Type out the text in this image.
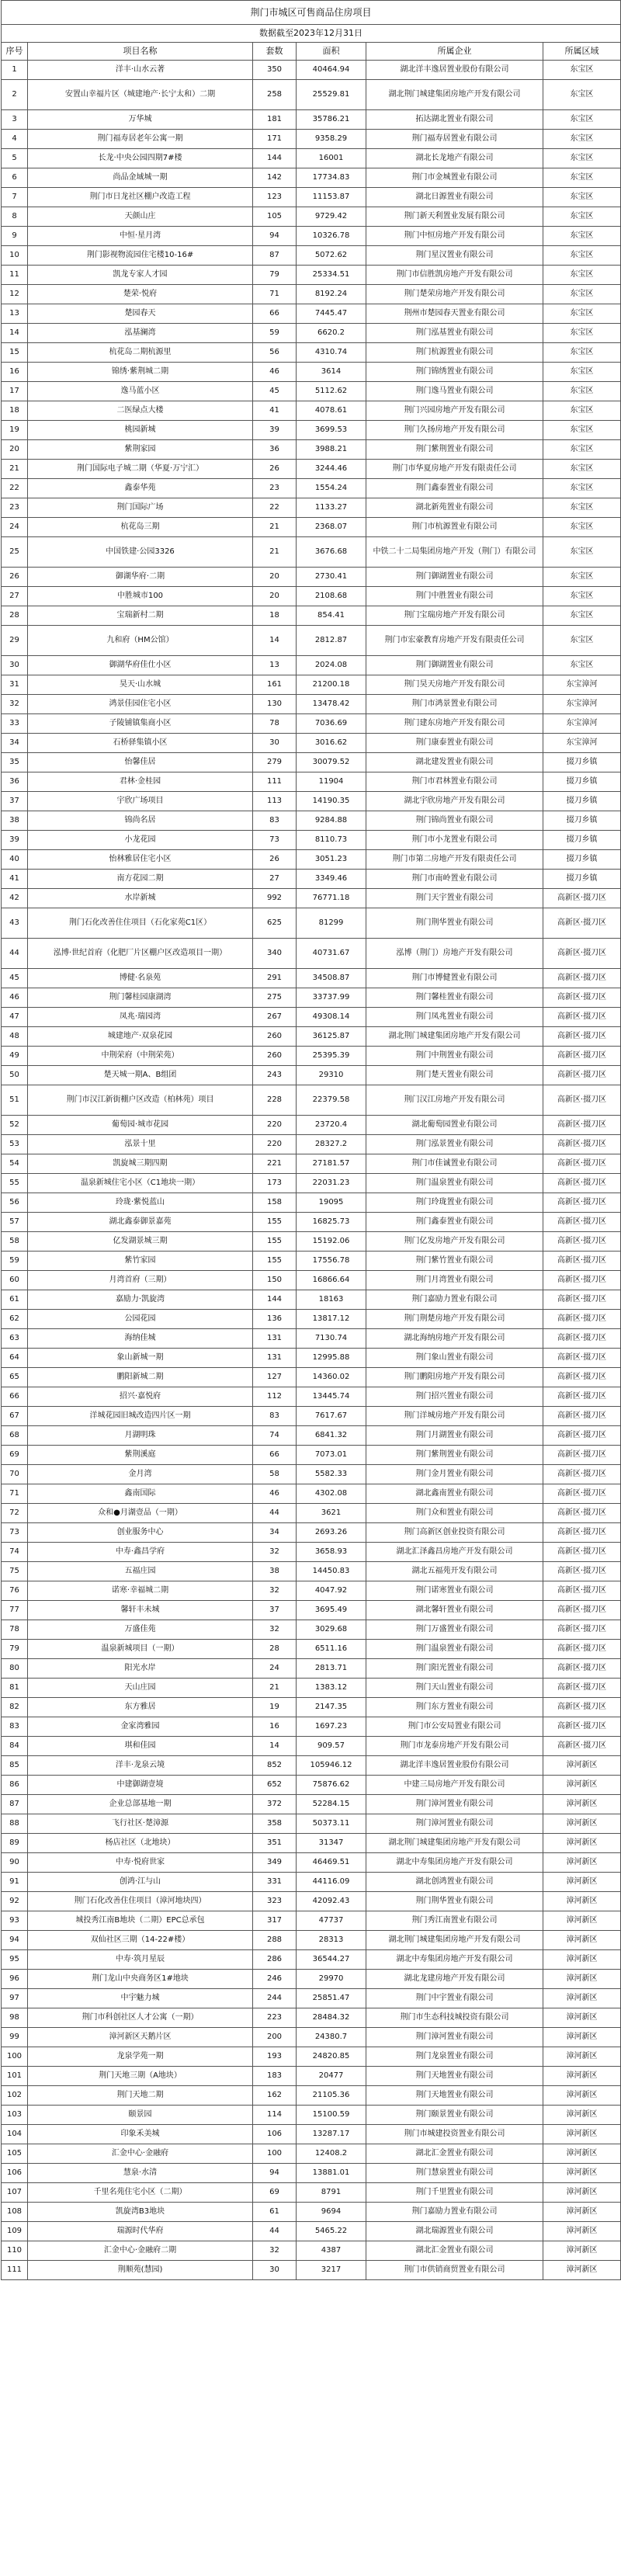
荆门市城区可售商品住房项目					
数据截至2023年12月31日					
序号	项目名称	套数	面积	所属企业	所属区域
1	洋丰·山水云著	350	40464.94	湖北洋丰逸居置业股份有限公司	东宝区
2	安置山幸福片区（城建地产·长宁太和）二期	258	25529.81	湖北荆门城建集团房地产开发有限公司	东宝区
3	万华城	181	35786.21	拓达湖北置业有限公司	东宝区
4	荆门福寿居老年公寓一期	171	9358.29	荆门福寿居置业有限公司	东宝区
5	长龙·中央公园四期7#楼	144	16001	湖北长龙地产有限公司	东宝区
6	尚品金域城一期	142	17734.83	荆门市金城置业有限公司	东宝区
7	荆门市日龙社区棚户改造工程	123	11153.87	湖北日源置业有限公司	东宝区
8	天颜山庄	105	9729.42	荆门新天利置业发展有限公司	东宝区
9	中恒·星月湾	94	10326.78	荆门中恒房地产开发有限公司	东宝区
10	荆门影视物流园住宅楼10-16#	87	5072.62	荆门星汉置业有限公司	东宝区
11	凯龙专家人才园	79	25334.51	荆门市信胜凯房地产开发有限公司	东宝区
12	楚荣·悦府	71	8192.24	荆门楚荣房地产开发有限公司	东宝区
13	楚园春天	66	7445.47	荆州市楚园春天置业有限公司	东宝区
14	泓基澜湾	59	6620.2	荆门泓基置业有限公司	东宝区
15	杭花岛二期杭源里	56	4310.74	荆门杭源置业有限公司	东宝区
16	锦绣·紫荆城二期	46	3614	荆门锦绣置业有限公司	东宝区
17	逸马蓝小区	45	5112.62	荆门逸马置业有限公司	东宝区
18	二医绿点大楼	41	4078.61	荆门兴园房地产开发有限公司	东宝区
19	桃园新城	39	3699.53	荆门久扬房地产开发有限公司	东宝区
20	紫荆家园	36	3988.21	荆门紫荆置业有限公司	东宝区
21	荆门国际电子城二期（华夏·万宁汇）	26	3244.46	荆门市华夏房地产开发有限责任公司	东宝区
22	鑫泰华苑	23	1554.24	荆门鑫泰置业有限公司	东宝区
23	荆门国际广场	22	1133.27	湖北新苑置业有限公司	东宝区
24	杭花岛三期	21	2368.07	荆门市杭源置业有限公司	东宝区
25	中国铁建·公园3326	21	3676.68	中铁二十二局集团房地产开发（荆门）有限公司	东宝区
26	御湖华府·二期	20	2730.41	荆门御湖置业有限公司	东宝区
27	中胜城市100	20	2108.68	荆门中胜置业有限公司	东宝区
28	宝瑞新村二期	18	854.41	荆门宝瑞房地产开发有限公司	东宝区
29	九和府（HM公馆）	14	2812.87	荆门市宏豪教育房地产开发有限责任公司	东宝区
30	御湖华府佳仕小区	13	2024.08	荆门御湖置业有限公司	东宝区
31	昊天·山水城	161	21200.18	荆门昊天房地产开发有限公司	东宝漳河
32	鸿景佳园住宅小区	130	13478.42	荆门市鸿景置业有限公司	东宝漳河
33	子陵铺镇集商小区	78	7036.69	荆门建东房地产开发有限公司	东宝漳河
34	石桥驿集镇小区	30	3016.62	荆门康泰置业有限公司	东宝漳河
35	怡馨佳居	279	30079.52	湖北建发置业有限公司	掇刀乡镇
36	君林·金桂园	111	11904	荆门市君林置业有限公司	掇刀乡镇
37	宇欣广场项目	113	14190.35	湖北宇欣房地产开发有限公司	掇刀乡镇
38	锦尚名居	83	9284.88	荆门锦尚置业有限公司	掇刀乡镇
39	小龙花园	73	8110.73	荆门市小龙置业有限公司	掇刀乡镇
40	怡林雅居住宅小区	26	3051.23	荆门市第二房地产开发有限责任公司	掇刀乡镇
41	南方花园二期	27	3349.46	荆门市南岭置业有限公司	掇刀乡镇
42	水岸新城	992	76771.18	荆门天宇置业有限公司	高新区·掇刀区
43	荆门石化改善住住项目（石化家苑C1区）	625	81299	荆门荆华置业有限公司	高新区·掇刀区
44	泓博·世纪首府（化肥厂片区棚户区改造项目一期）	340	40731.67	泓博（荆门）房地产开发有限公司	高新区·掇刀区
45	博健·名泉苑	291	34508.87	荆门市博健置业有限公司	高新区·掇刀区
46	荆门馨桂园康湖湾	275	33737.99	荆门馨桂置业有限公司	高新区·掇刀区
47	凤兆·瑞园湾	267	49308.14	荆门凤兆置业有限公司	高新区·掇刀区
48	城建地产·双泉花园	260	36125.87	湖北荆门城建集团房地产开发有限公司	高新区·掇刀区
49	中荆荣府（中荆荣苑）	260	25395.39	荆门中荆置业有限公司	高新区·掇刀区
50	楚天城一期A、B组团	243	29310	荆门楚天置业有限公司	高新区·掇刀区
51	荆门市汉江新街棚户区改造（柏林苑）项目	228	22379.58	荆门汉江房地产开发有限公司	高新区·掇刀区
52	葡萄园·城市花园	220	23720.4	湖北葡萄园置业有限公司	高新区·掇刀区
53	泓景十里	220	28327.2	荆门泓景置业有限公司	高新区·掇刀区
54	凯旋城三期四期	221	27181.57	荆门市佳诚置业有限公司	高新区·掇刀区
55	温泉新城住宅小区（C1地块一期）	173	22031.23	荆门温泉置业有限公司	高新区·掇刀区
56	玲珑·紫悦蓝山	158	19095	荆门玲珑置业有限公司	高新区·掇刀区
57	湖北鑫泰御景嘉苑	155	16825.73	荆门鑫泰置业有限公司	高新区·掇刀区
58	亿发湖景城三期	155	15192.06	荆门亿发房地产开发有限公司	高新区·掇刀区
59	紫竹家园	155	17556.78	荆门紫竹置业有限公司	高新区·掇刀区
60	月湾首府（三期）	150	16866.64	荆门月湾置业有限公司	高新区·掇刀区
61	嘉励力·凯旋湾	144	18163	荆门嘉励力置业有限公司	高新区·掇刀区
62	公园花园	136	13817.12	荆门荆楚房地产开发有限公司	高新区·掇刀区
63	海纳佳城	131	7130.74	湖北海纳房地产开发有限公司	高新区·掇刀区
64	象山新城一期	131	12995.88	荆门象山置业有限公司	高新区·掇刀区
65	鹏阳新城二期	127	14360.02	荆门鹏阳房地产开发有限公司	高新区·掇刀区
66	招兴·嘉悦府	112	13445.74	荆门招兴置业有限公司	高新区·掇刀区
67	洋城花园旧城改造四片区一期	83	7617.67	荆门洋城房地产开发有限公司	高新区·掇刀区
68	月湖明珠	74	6841.32	荆门月湖置业有限公司	高新区·掇刀区
69	紫荆溪庭	66	7073.01	荆门紫荆置业有限公司	高新区·掇刀区
70	金月湾	58	5582.33	荆门金月置业有限公司	高新区·掇刀区
71	鑫南国际	46	4302.08	湖北鑫南置业有限公司	高新区·掇刀区
72	众和●月湖壹品（一期）	44	3621	荆门众和置业有限公司	高新区·掇刀区
73	创业服务中心	34	2693.26	荆门高新区创业投资有限公司	高新区·掇刀区
74	中寿·鑫昌学府	32	3658.93	湖北汇泽鑫昌房地产开发有限公司	高新区·掇刀区
75	五福庄园	38	14450.83	湖北五福苑开发有限公司	高新区·掇刀区
76	诺寒·幸福城二期	32	4047.92	荆门诺寒置业有限公司	高新区·掇刀区
77	馨轩丰未城	37	3695.49	湖北馨轩置业有限公司	高新区·掇刀区
78	万盛佳苑	32	3029.68	荆门万盛置业有限公司	高新区·掇刀区
79	温泉新城项目（一期）	28	6511.16	荆门温泉置业有限公司	高新区·掇刀区
80	阳光水岸	24	2813.71	荆门阳光置业有限公司	高新区·掇刀区
81	天山庄园	21	1383.12	荆门天山置业有限公司	高新区·掇刀区
82	东方雅居	19	2147.35	荆门东方置业有限公司	高新区·掇刀区
83	金家湾雅园	16	1697.23	荆门市公安局置业有限公司	高新区·掇刀区
84	琪和佳园	14	909.57	荆门市龙泰房地产开发有限公司	高新区·掇刀区
85	洋丰·龙泉云境	852	105946.12	湖北洋丰逸居置业股份有限公司	漳河新区
86	中建御湖壹境	652	75876.62	中建三局房地产开发有限公司	漳河新区
87	企业总部基地一期	372	52284.15	荆门漳河置业有限公司	漳河新区
88	飞行社区·楚漳源	358	50373.11	荆门漳河置业有限公司	漳河新区
89	杨店社区（北地块）	351	31347	湖北荆门城建集团房地产开发有限公司	漳河新区
90	中寿·悦府世家	349	46469.51	湖北中寿集团房地产开发有限公司	漳河新区
91	创鸿·江与山	331	44116.09	湖北创鸿置业有限公司	漳河新区
92	荆门石化改善住住项目（漳河地块四）	323	42092.43	荆门荆华置业有限公司	漳河新区
93	城投秀江南B地块（二期）EPC总承包	317	47737	荆门秀江南置业有限公司	漳河新区
94	双仙社区三期（14-22#楼）	288	28313	湖北荆门城建集团房地产开发有限公司	漳河新区
95	中寿·筑月星辰	286	36544.27	湖北中寿集团房地产开发有限公司	漳河新区
96	荆门龙山中央商务区1#地块	246	29970	湖北龙建房地产开发有限公司	漳河新区
97	中宇魅力城	244	25851.47	荆门中宇置业有限公司	漳河新区
98	荆门市科创社区人才公寓（一期）	223	28484.32	荆门市生态科技城投资有限公司	漳河新区
99	漳河新区天鹅片区	200	24380.7	荆门漳河置业有限公司	漳河新区
100	龙泉学苑一期	193	24820.85	荆门龙泉置业有限公司	漳河新区
101	荆门天地三期（A地块）	183	20477	荆门天地置业有限公司	漳河新区
102	荆门天地二期	162	21105.36	荆门天地置业有限公司	漳河新区
103	颐景园	114	15100.59	荆门颐景置业有限公司	漳河新区
104	印象禾美城	106	13287.17	荆门市城建投资置业有限公司	漳河新区
105	汇金中心·金融府	100	12408.2	湖北汇金置业有限公司	漳河新区
106	慧泉·水清	94	13881.01	荆门慧泉置业有限公司	漳河新区
107	千里名苑住宅小区（二期）	69	8791	荆门千里置业有限公司	漳河新区
108	凯旋湾B3地块	61	9694	荆门嘉励力置业有限公司	漳河新区
109	瑞源时代华府	44	5465.22	湖北瑞源置业有限公司	漳河新区
110	汇金中心·金融府二期	32	4387	湖北汇金置业有限公司	漳河新区
111	荆顺苑(慧园)	30	3217	荆门市供销商贸置业有限公司	漳河新区
